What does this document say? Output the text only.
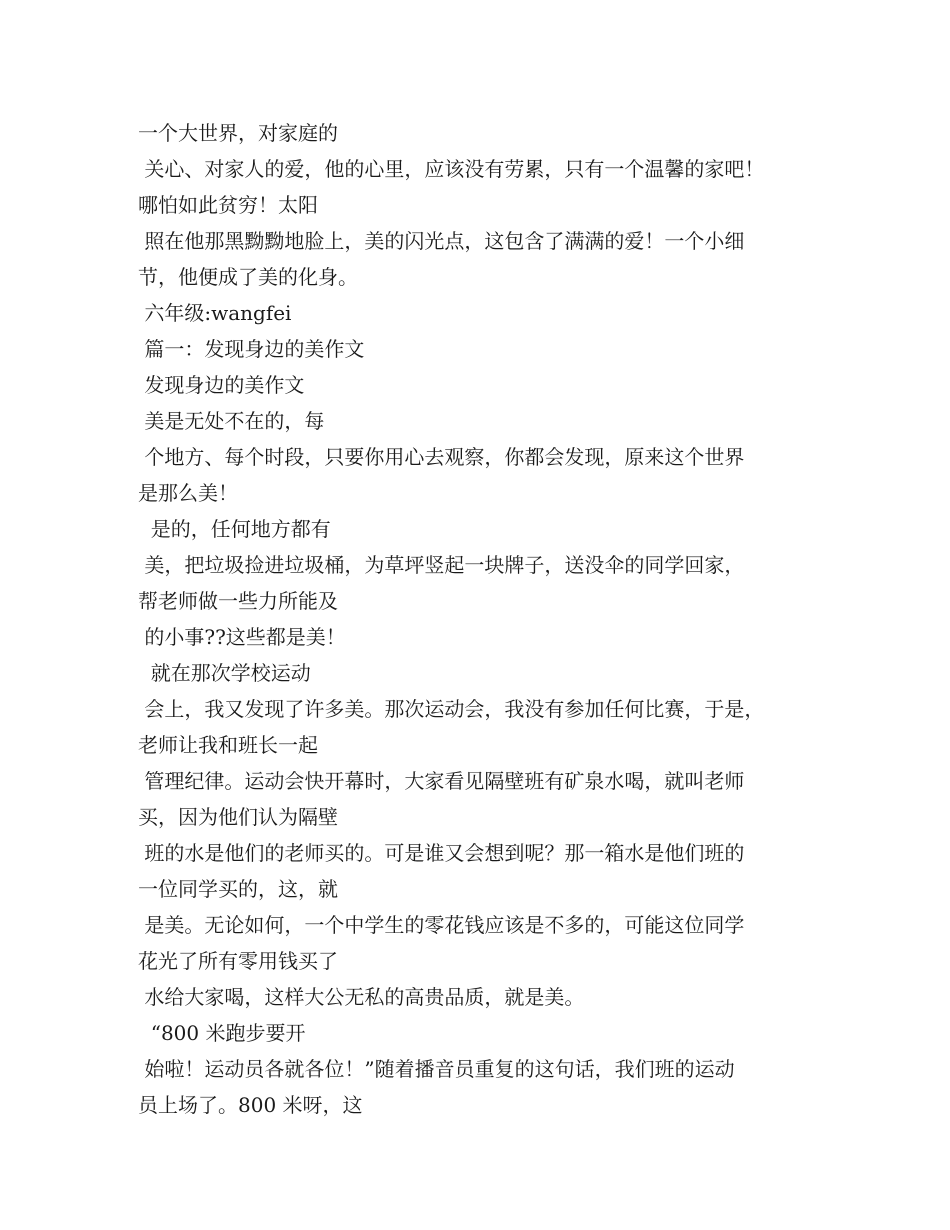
一个大世界，对家庭的
关心、对家人的爱，他的心里，应该没有劳累，只有一个温馨的家吧！
哪怕如此贫穷！太阳
照在他那黑黝黝地脸上，美的闪光点，这包含了满满的爱！一个小细
节，他便成了美的化身。
六年级:wangfei
篇一：发现身边的美作文
发现身边的美作文
美是无处不在的，每
个地方、每个时段，只要你用心去观察，你都会发现，原来这个世界
是那么美！
是的，任何地方都有
美，把垃圾捡进垃圾桶，为草坪竖起一块牌子，送没伞的同学回家，
帮老师做一些力所能及
的小事??这些都是美！
就在那次学校运动
会上，我又发现了许多美。那次运动会，我没有参加任何比赛，于是，
老师让我和班长一起
管理纪律。运动会快开幕时，大家看见隔壁班有矿泉水喝，就叫老师
买，因为他们认为隔壁
班的水是他们的老师买的。可是谁又会想到呢？那一箱水是他们班的
一位同学买的，这，就
是美。无论如何，一个中学生的零花钱应该是不多的，可能这位同学
花光了所有零用钱买了
水给大家喝，这样大公无私的高贵品质，就是美。
“800 米跑步要开
始啦！运动员各就各位！”随着播音员重复的这句话，我们班的运动
员上场了。800 米呀，这
